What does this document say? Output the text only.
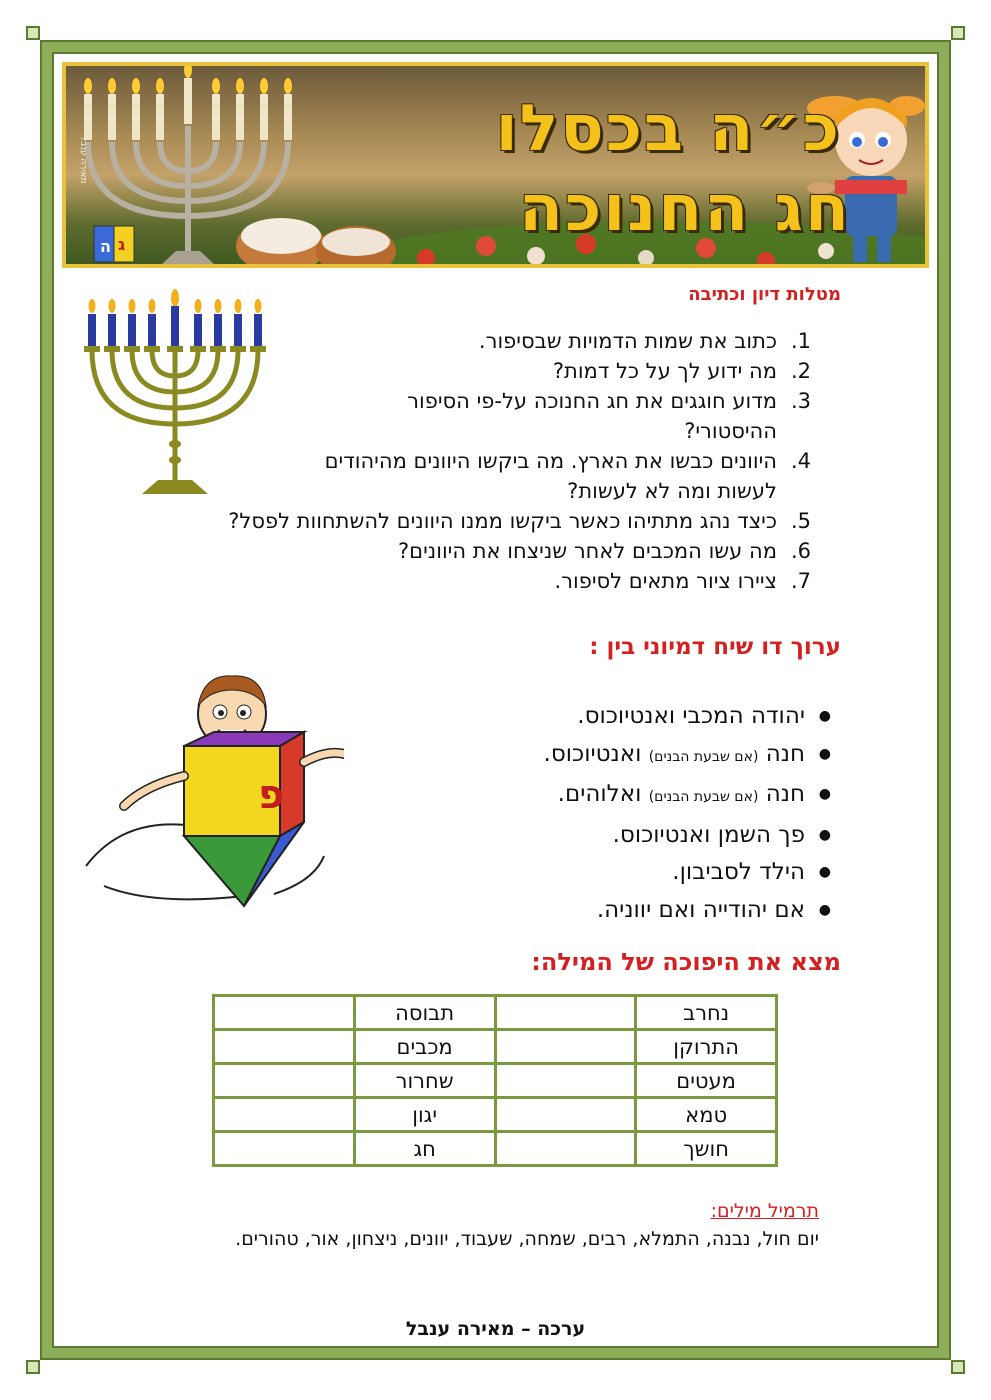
ה ג
מאירה ענבל	כ״ה בכסלו
חג החנוכה
מטלות דיון וכתיבה
1.
כתוב את שמות הדמויות שבסיפור.
2.
מה ידוע לך על כל דמות?
3.
מדוע חוגגים את חג החנוכה על-פי הסיפור ההיסטורי?
4.
היוונים כבשו את הארץ. מה ביקשו היוונים מהיהודים לעשות ומה לא לעשות?
5.
כיצד נהג מתתיהו כאשר ביקשו ממנו היוונים להשתחוות לפסל?
6.
מה עשו המכבים לאחר שניצחו את היוונים?
7.
ציירו ציור מתאים לסיפור.
ערוך דו שיח דמיוני בין :
פ
●
יהודה המכבי ואנטיוכוס.
●
חנה (אם שבעת הבנים) ואנטיוכוס.
●
חנה (אם שבעת הבנים) ואלוהים.
●
פך השמן ואנטיוכוס.
●
הילד לסביבון.
●
אם יהודייה ואם יווניה.
מצא את היפוכה של המילה:
נחרב		תבוסה	
התרוקן		מכבים	
מעטים		שחרור	
טמא		יגון	
חושך		חג	
תרמיל מילים:
יום חול, נבנה, התמלא, רבים, שמחה, שעבוד, יוונים, ניצחון, אור, טהורים.
ערכה – מאירה ענבל
